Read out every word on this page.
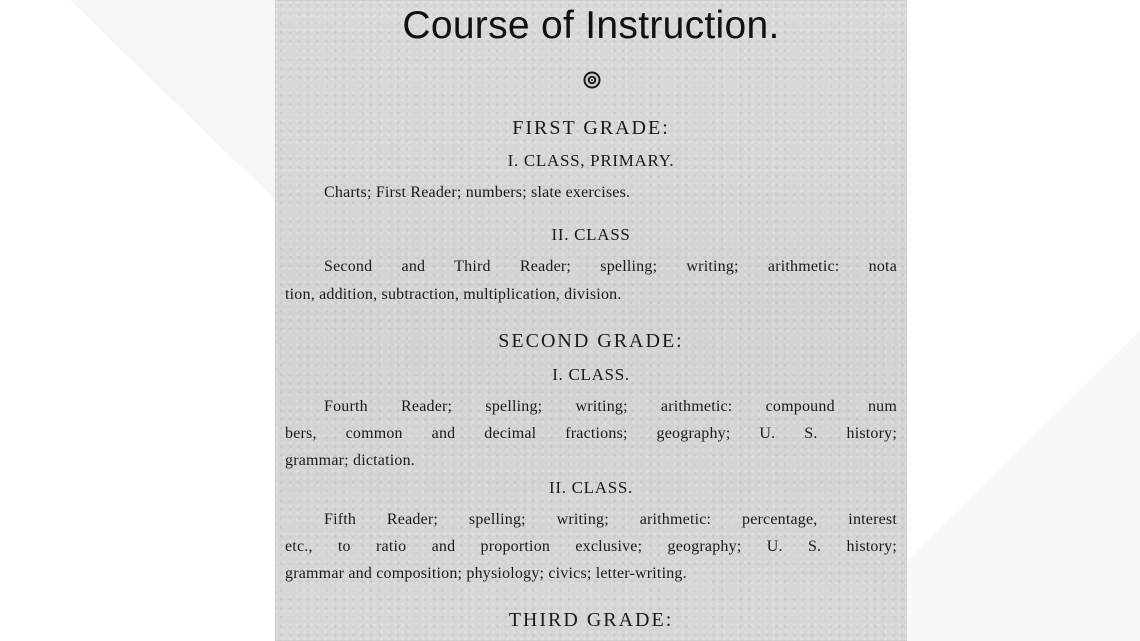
Course of Instruction.
FIRST GRADE:
I. CLASS, PRIMARY.
Charts; First Reader; numbers; slate exercises.
II. CLASS
Second and Third Reader; spelling; writing; arithmetic: nota
tion, addition, subtraction, multiplication, division.
SECOND GRADE:
I. CLASS.
Fourth Reader; spelling; writing; arithmetic: compound num
bers, common and decimal fractions; geography; U. S. history;
grammar; dictation.
II. CLASS.
Fifth Reader; spelling; writing; arithmetic: percentage, interest
etc., to ratio and proportion exclusive; geography; U. S. history;
grammar and composition; physiology; civics; letter-writing.
THIRD GRADE:
